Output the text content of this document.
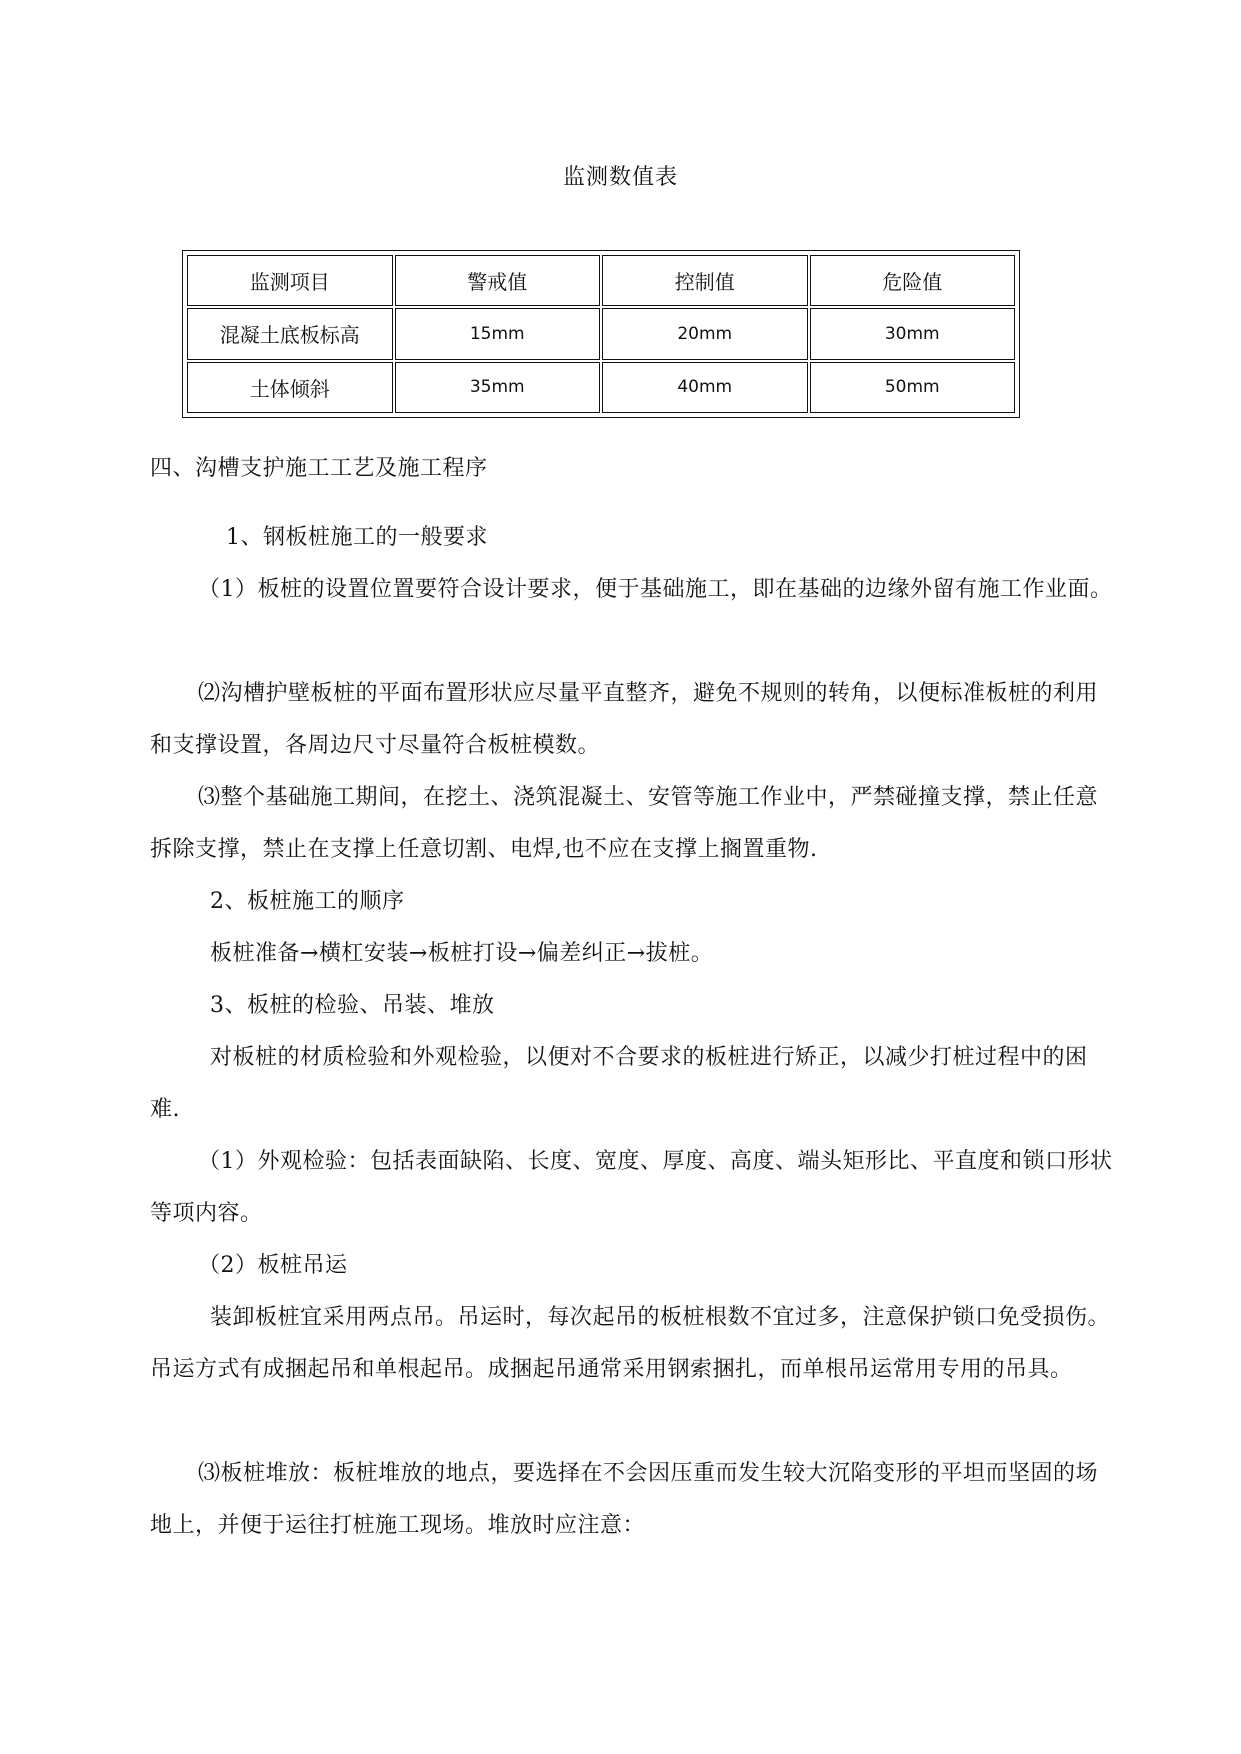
监测数值表
监测项目	警戒值	控制值	危险值
混凝土底板标高	15mm	20mm	30mm
土体倾斜	35mm	40mm	50mm

四、沟槽支护施工工艺及施工程序

1、钢板桩施工的一般要求

（1）板桩的设置位置要符合设计要求，便于基础施工，即在基础的边缘外留有施工作业面。

⑵沟槽护壁板桩的平面布置形状应尽量平直整齐，避免不规则的转角，以便标准板桩的利用和支撑设置，各周边尺寸尽量符合板桩模数。

⑶整个基础施工期间，在挖土、浇筑混凝土、安管等施工作业中，严禁碰撞支撑，禁止任意拆除支撑，禁止在支撑上任意切割、电焊,也不应在支撑上搁置重物.

2、板桩施工的顺序

板桩准备→横杠安装→板桩打设→偏差纠正→拔桩。

3、板桩的检验、吊装、堆放

对板桩的材质检验和外观检验，以便对不合要求的板桩进行矫正，以减少打桩过程中的困难.

（1）外观检验：包括表面缺陷、长度、宽度、厚度、高度、端头矩形比、平直度和锁口形状等项内容。

（2）板桩吊运

装卸板桩宜采用两点吊。吊运时，每次起吊的板桩根数不宜过多，注意保护锁口免受损伤。吊运方式有成捆起吊和单根起吊。成捆起吊通常采用钢索捆扎，而单根吊运常用专用的吊具。

⑶板桩堆放：板桩堆放的地点，要选择在不会因压重而发生较大沉陷变形的平坦而坚固的场地上，并便于运往打桩施工现场。堆放时应注意：
